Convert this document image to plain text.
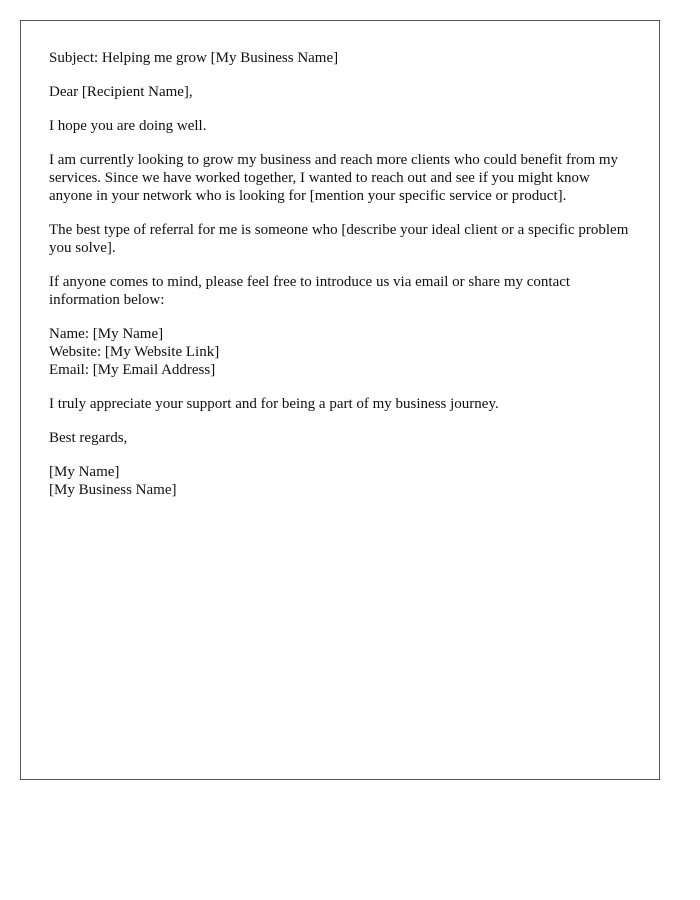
Subject: Helping me grow [My Business Name]

Dear [Recipient Name],

I hope you are doing well.

I am currently looking to grow my business and reach more clients who could benefit from my services. Since we have worked together, I wanted to reach out and see if you might know anyone in your network who is looking for [mention your specific service or product].

The best type of referral for me is someone who [describe your ideal client or a specific problem you solve].

If anyone comes to mind, please feel free to introduce us via email or share my contact information below:

Name: [My Name]
Website: [My Website Link]
Email: [My Email Address]

I truly appreciate your support and for being a part of my business journey.

Best regards,

[My Name]
[My Business Name]
